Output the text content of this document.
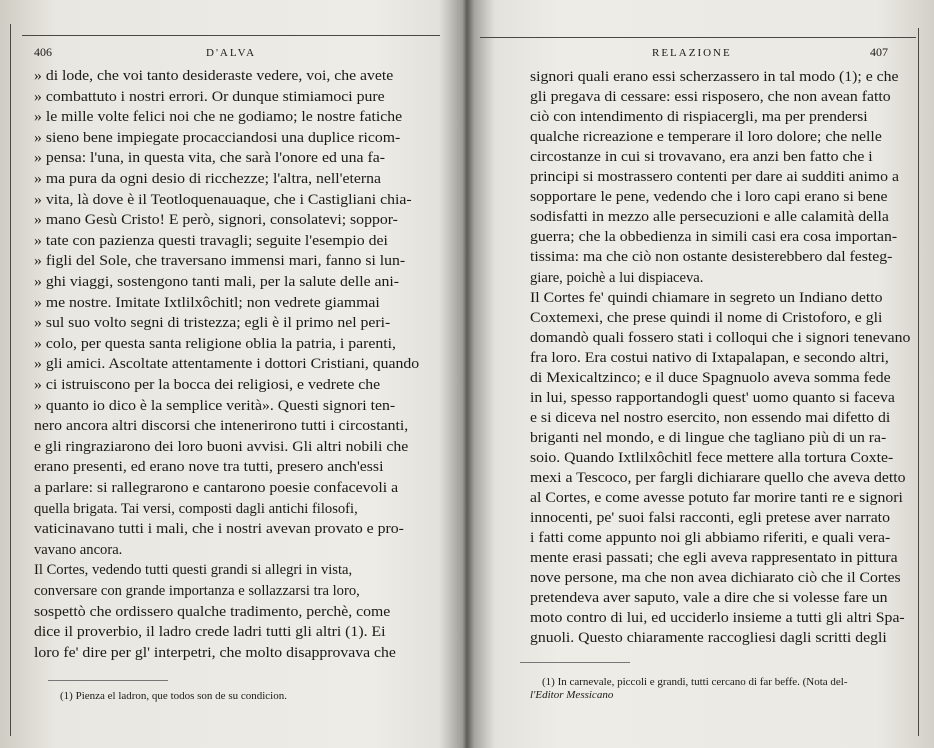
406	D'ALVA
» di lode, che voi tanto desideraste vedere, voi, che avete
» combattuto i nostri errori. Or dunque stimiamoci pure
» le mille volte felici noi che ne godiamo; le nostre fatiche
» sieno bene impiegate procacciandosi una duplice ricom-
» pensa: l'una, in questa vita, che sarà l'onore ed una fa-
» ma pura da ogni desio di ricchezze; l'altra, nell'eterna
» vita, là dove è il Teotloquenauaque, che i Castigliani chia-
» mano Gesù Cristo! E però, signori, consolatevi; soppor-
» tate con pazienza questi travagli; seguite l'esempio dei
» figli del Sole, che traversano immensi mari, fanno si lun-
» ghi viaggi, sostengono tanti mali, per la salute delle ani-
» me nostre. Imitate Ixtlilxôchitl; non vedrete giammai
» sul suo volto segni di tristezza; egli è il primo nel peri-
» colo, per questa santa religione oblia la patria, i parenti,
» gli amici. Ascoltate attentamente i dottori Cristiani, quando
» ci istruiscono per la bocca dei religiosi, e vedrete che
» quanto io dico è la semplice verità». Questi signori ten-
nero ancora altri discorsi che intenerirono tutti i circostanti,
e gli ringraziarono dei loro buoni avvisi. Gli altri nobili che
erano presenti, ed erano nove tra tutti, presero anch'essi
a parlare: si rallegrarono e cantarono poesie confacevoli a
quella brigata. Tai versi, composti dagli antichi filosofi,
vaticinavano tutti i mali, che i nostri avevan provato e pro-
vavano ancora.
Il Cortes, vedendo tutti questi grandi si allegri in vista,
conversare con grande importanza e sollazzarsi tra loro,
sospettò che ordissero qualche tradimento, perchè, come
dice il proverbio, il ladro crede ladri tutti gli altri (1). Ei
loro fe' dire per gl' interpetri, che molto disapprovava che
(1) Pienza el ladron, que todos son de su condicion.
RELAZIONE	407
signori quali erano essi scherzassero in tal modo (1); e che
gli pregava di cessare: essi risposero, che non avean fatto
ciò con intendimento di rispiacergli, ma per prendersi
qualche ricreazione e temperare il loro dolore; che nelle
circostanze in cui si trovavano, era anzi ben fatto che i
principi si mostrassero contenti per dare ai sudditi animo a
sopportare le pene, vedendo che i loro capi erano si bene
sodisfatti in mezzo alle persecuzioni e alle calamità della
guerra; che la obbedienza in simili casi era cosa importan-
tissima: ma che ciò non ostante desisterebbero dal festeg-
giare, poichè a lui dispiaceva.
Il Cortes fe' quindi chiamare in segreto un Indiano detto
Coxtemexi, che prese quindi il nome di Cristoforo, e gli
domandò quali fossero stati i colloqui che i signori tenevano
fra loro. Era costui nativo di Ixtapalapan, e secondo altri,
di Mexicaltzinco; e il duce Spagnuolo aveva somma fede
in lui, spesso rapportandogli quest' uomo quanto si faceva
e si diceva nel nostro esercito, non essendo mai difetto di
briganti nel mondo, e di lingue che tagliano più di un ra-
soio. Quando Ixtlilxôchitl fece mettere alla tortura Coxte-
mexi a Tescoco, per fargli dichiarare quello che aveva detto
al Cortes, e come avesse potuto far morire tanti re e signori
innocenti, pe' suoi falsi racconti, egli pretese aver narrato
i fatti come appunto noi gli abbiamo riferiti, e quali vera-
mente erasi passati; che egli aveva rappresentato in pittura
nove persone, ma che non avea dichiarato ciò che il Cortes
pretendeva aver saputo, vale a dire che si volesse fare un
moto contro di lui, ed ucciderlo insieme a tutti gli altri Spa-
gnuoli. Questo chiaramente raccogliesi dagli scritti degli
(1) In carnevale, piccoli e grandi, tutti cercano di far beffe. (Nota del-
l'Editor Messicano
